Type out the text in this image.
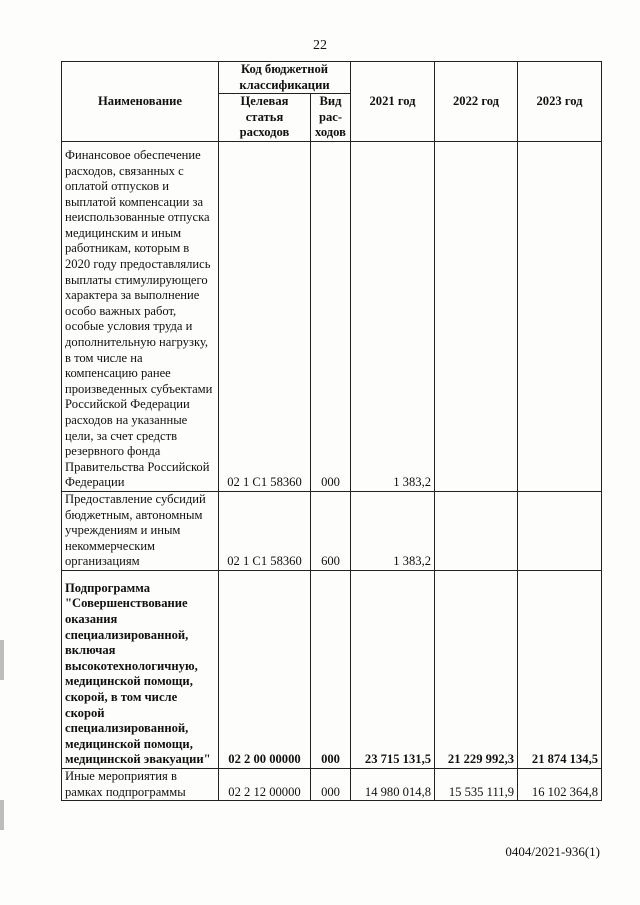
22
Наименование	Код бюджетной классификации		2021 год	2022 год	2023 год
	Целевая статья расходов	Вид рас-ходов			
Финансовое обеспечение расходов, связанных с оплатой отпусков и выплатой компенсации за неиспользованные отпуска медицинским и иным работникам, которым в 2020 году предоставлялись выплаты стимулирующего характера за выполнение особо важных работ, особые условия труда и дополнительную нагрузку, в том числе на компенсацию ранее произведенных субъектами Российской Федерации расходов на указанные цели, за счет средств резервного фонда Правительства Российской Федерации	02 1 С1 58360	000	1 383,2		
Предоставление субсидий бюджетным, автономным учреждениям и иным некоммерческим организациям	02 1 С1 58360	600	1 383,2		
Подпрограмма "Совершенствование оказания специализированной, включая высокотехнологичную, медицинской помощи, скорой, в том числе скорой специализированной, медицинской помощи, медицинской эвакуации"	02 2 00 00000	000	23 715 131,5	21 229 992,3	21 874 134,5
Иные мероприятия в рамках подпрограммы	02 2 12 00000	000	14 980 014,8	15 535 111,9	16 102 364,8
0404/2021-936(1)
